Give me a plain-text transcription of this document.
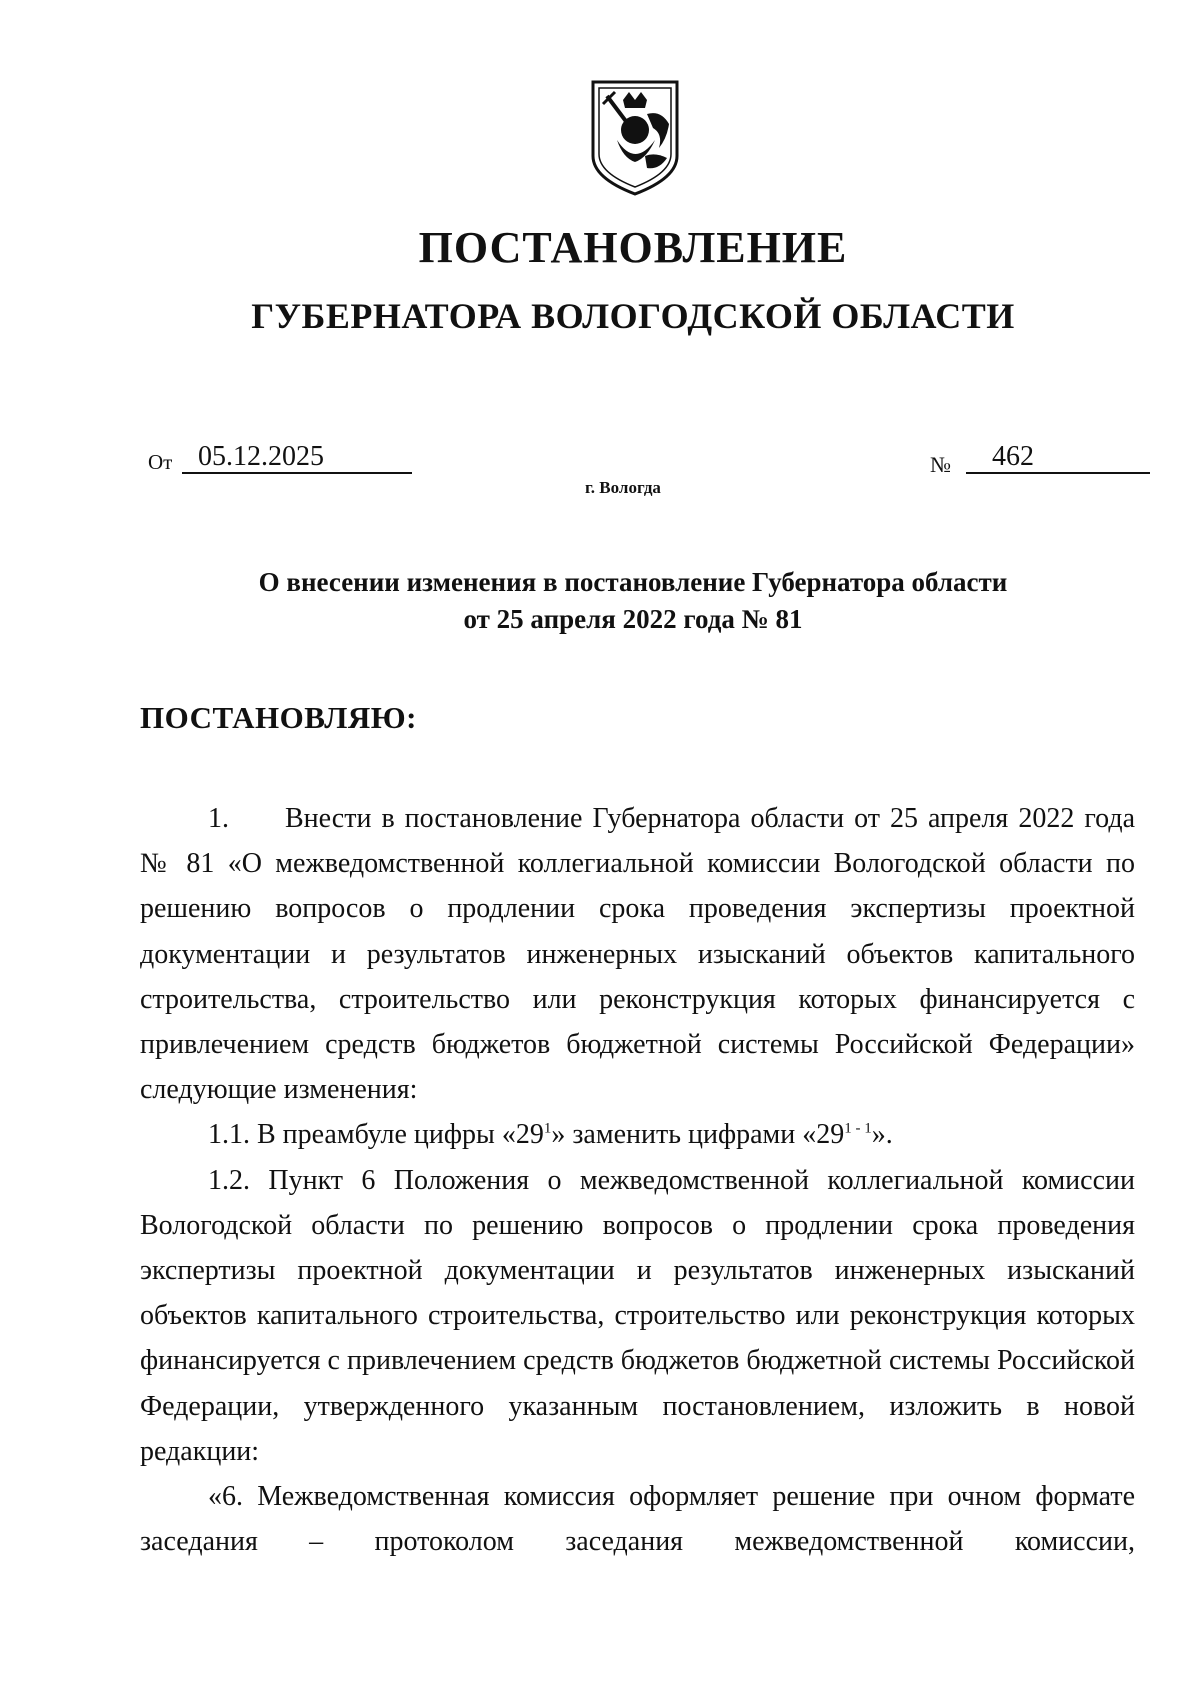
ПОСТАНОВЛЕНИЕ
ГУБЕРНАТОРА ВОЛОГОДСКОЙ ОБЛАСТИ
От 05.12.2025	№	462
г. Вологда
О внесении изменения в постановление Губернатора области
от 25 апреля 2022 года № 81
ПОСТАНОВЛЯЮ:

1. Внести в постановление Губернатора области от 25 апреля 2022 года № 81 «О межведомственной коллегиальной комиссии Вологодской области по решению вопросов о продлении срока проведения экспертизы проектной документации и результатов инженерных изысканий объектов капитального строительства, строительство или реконструкция которых финансируется с привлечением средств бюджетов бюджетной системы Российской Федерации» следующие изменения:

1.1. В преамбуле цифры «$29^1$» заменить цифрами «29$^{1 - 1}$».

1.2. Пункт 6 Положения о межведомственной коллегиальной комиссии Вологодской области по решению вопросов о продлении срока проведения экспертизы проектной документации и результатов инженерных изысканий объектов капитального строительства, строительство или реконструкция которых финансируется с привлечением средств бюджетов бюджетной системы Российской Федерации, утвержденного указанным постановлением, изложить в новой редакции:

«6. Межведомственная комиссия оформляет решение при очном формате заседания – протоколом заседания межведомственной комиссии,
